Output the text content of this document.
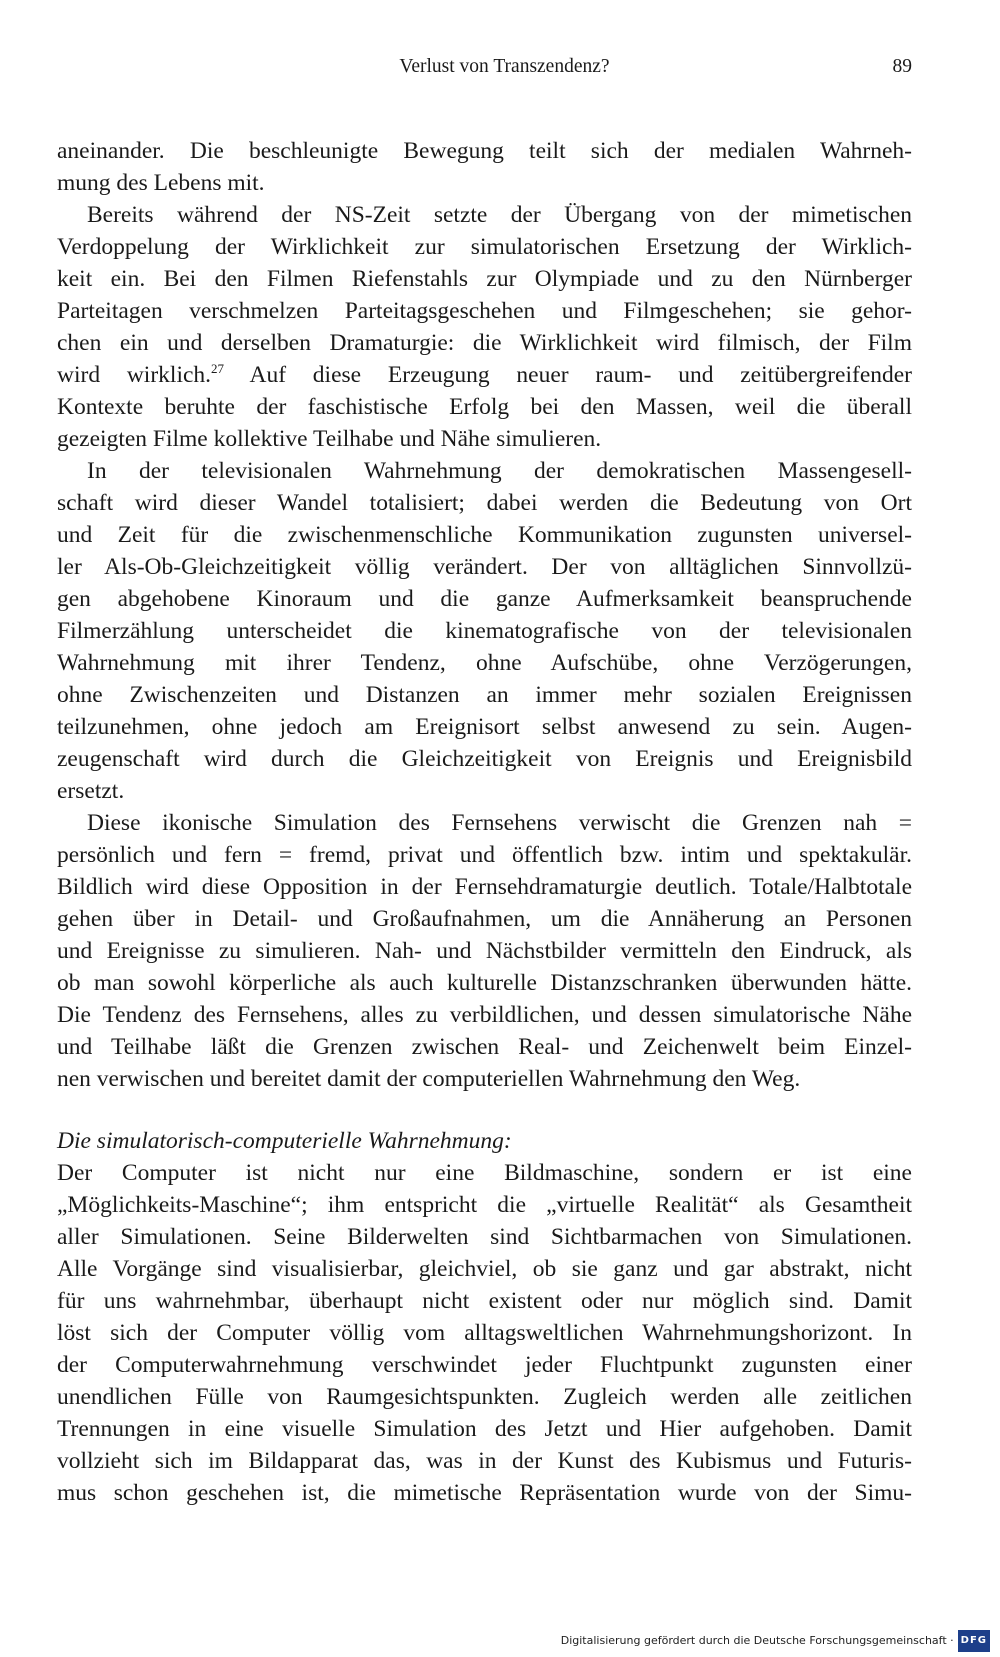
Verlust von Transzendenz?	89
aneinander. Die beschleunigte Bewegung teilt sich der medialen Wahrneh-
mung des Lebens mit.
Bereits während der NS-Zeit setzte der Übergang von der mimetischen
Verdoppelung der Wirklichkeit zur simulatorischen Ersetzung der Wirklich-
keit ein. Bei den Filmen Riefenstahls zur Olympiade und zu den Nürnberger
Parteitagen verschmelzen Parteitagsgeschehen und Filmgeschehen; sie gehor-
chen ein und derselben Dramaturgie: die Wirklichkeit wird filmisch, der Film
wird wirklich.$^{27}$ Auf diese Erzeugung neuer raum- und zeitübergreifender
Kontexte beruhte der faschistische Erfolg bei den Massen, weil die überall
gezeigten Filme kollektive Teilhabe und Nähe simulieren.
In der televisionalen Wahrnehmung der demokratischen Massengesell-
schaft wird dieser Wandel totalisiert; dabei werden die Bedeutung von Ort
und Zeit für die zwischenmenschliche Kommunikation zugunsten universel-
ler Als-Ob-Gleichzeitigkeit völlig verändert. Der von alltäglichen Sinnvollzü-
gen abgehobene Kinoraum und die ganze Aufmerksamkeit beanspruchende
Filmerzählung unterscheidet die kinematografische von der televisionalen
Wahrnehmung mit ihrer Tendenz, ohne Aufschübe, ohne Verzögerungen,
ohne Zwischenzeiten und Distanzen an immer mehr sozialen Ereignissen
teilzunehmen, ohne jedoch am Ereignisort selbst anwesend zu sein. Augen-
zeugenschaft wird durch die Gleichzeitigkeit von Ereignis und Ereignisbild
ersetzt.
Diese ikonische Simulation des Fernsehens verwischt die Grenzen nah =
persönlich und fern = fremd, privat und öffentlich bzw. intim und spektakulär.
Bildlich wird diese Opposition in der Fernsehdramaturgie deutlich. Totale/Halbtotale
gehen über in Detail- und Großaufnahmen, um die Annäherung an Personen
und Ereignisse zu simulieren. Nah- und Nächstbilder vermitteln den Eindruck, als
ob man sowohl körperliche als auch kulturelle Distanzschranken überwunden hätte.
Die Tendenz des Fernsehens, alles zu verbildlichen, und dessen simulatorische Nähe
und Teilhabe läßt die Grenzen zwischen Real- und Zeichenwelt beim Einzel-
nen verwischen und bereitet damit der computeriellen Wahrnehmung den Weg.
Die simulatorisch-computerielle Wahrnehmung:
Der Computer ist nicht nur eine Bildmaschine, sondern er ist eine
„Möglichkeits-Maschine“; ihm entspricht die „virtuelle Realität“ als Gesamtheit
aller Simulationen. Seine Bilderwelten sind Sichtbarmachen von Simulationen.
Alle Vorgänge sind visualisierbar, gleichviel, ob sie ganz und gar abstrakt, nicht
für uns wahrnehmbar, überhaupt nicht existent oder nur möglich sind. Damit
löst sich der Computer völlig vom alltagsweltlichen Wahrnehmungshorizont. In
der Computerwahrnehmung verschwindet jeder Fluchtpunkt zugunsten einer
unendlichen Fülle von Raumgesichtspunkten. Zugleich werden alle zeitlichen
Trennungen in eine visuelle Simulation des Jetzt und Hier aufgehoben. Damit
vollzieht sich im Bildapparat das, was in der Kunst des Kubismus und Futuris-
mus schon geschehen ist, die mimetische Repräsentation wurde von der Simu-
Digitalisierung gefördert durch die Deutsche Forschungsgemeinschaft · DFG
